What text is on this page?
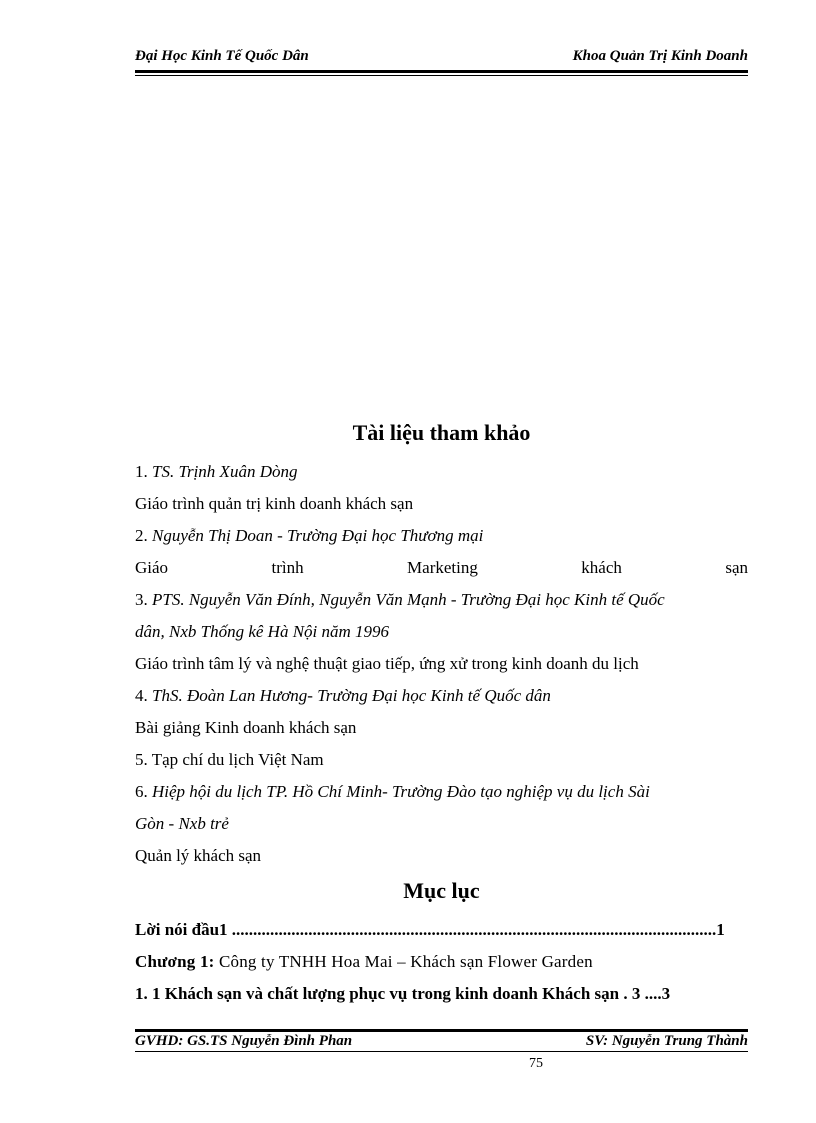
Đại Học Kinh Tế Quốc Dân	Khoa Quản Trị Kinh Doanh
Tài liệu tham khảo
1. TS. Trịnh Xuân Dòng
Giáo trình quản trị kinh doanh khách sạn
2. Nguyễn Thị Doan - Trường Đại học Thương mại
Giáo	trình	Marketing	khách	sạn
3. PTS. Nguyễn Văn Đính, Nguyễn Văn Mạnh - Trường Đại học Kinh tế Quốc
dân, Nxb Thống kê Hà Nội năm 1996
Giáo trình tâm lý và nghệ thuật giao tiếp, ứng xử trong kinh doanh du lịch
4. ThS. Đoàn Lan Hương- Trường Đại học Kinh tế Quốc dân
Bài giảng Kinh doanh khách sạn
5. Tạp chí du lịch Việt Nam
6. Hiệp hội du lịch TP. Hồ Chí Minh- Trường Đào tạo nghiệp vụ du lịch Sài
Gòn - Nxb trẻ
Quản lý khách sạn
Mục lục
Lời nói đầu1 ..................................................................................................................1
Chương 1: Công ty TNHH Hoa Mai – Khách sạn Flower Garden
1. 1 Khách sạn và chất lượng phục vụ trong kinh doanh Khách sạn . 3 ....3
GVHD: GS.TS Nguyễn Đình Phan	SV: Nguyễn Trung Thành
75
